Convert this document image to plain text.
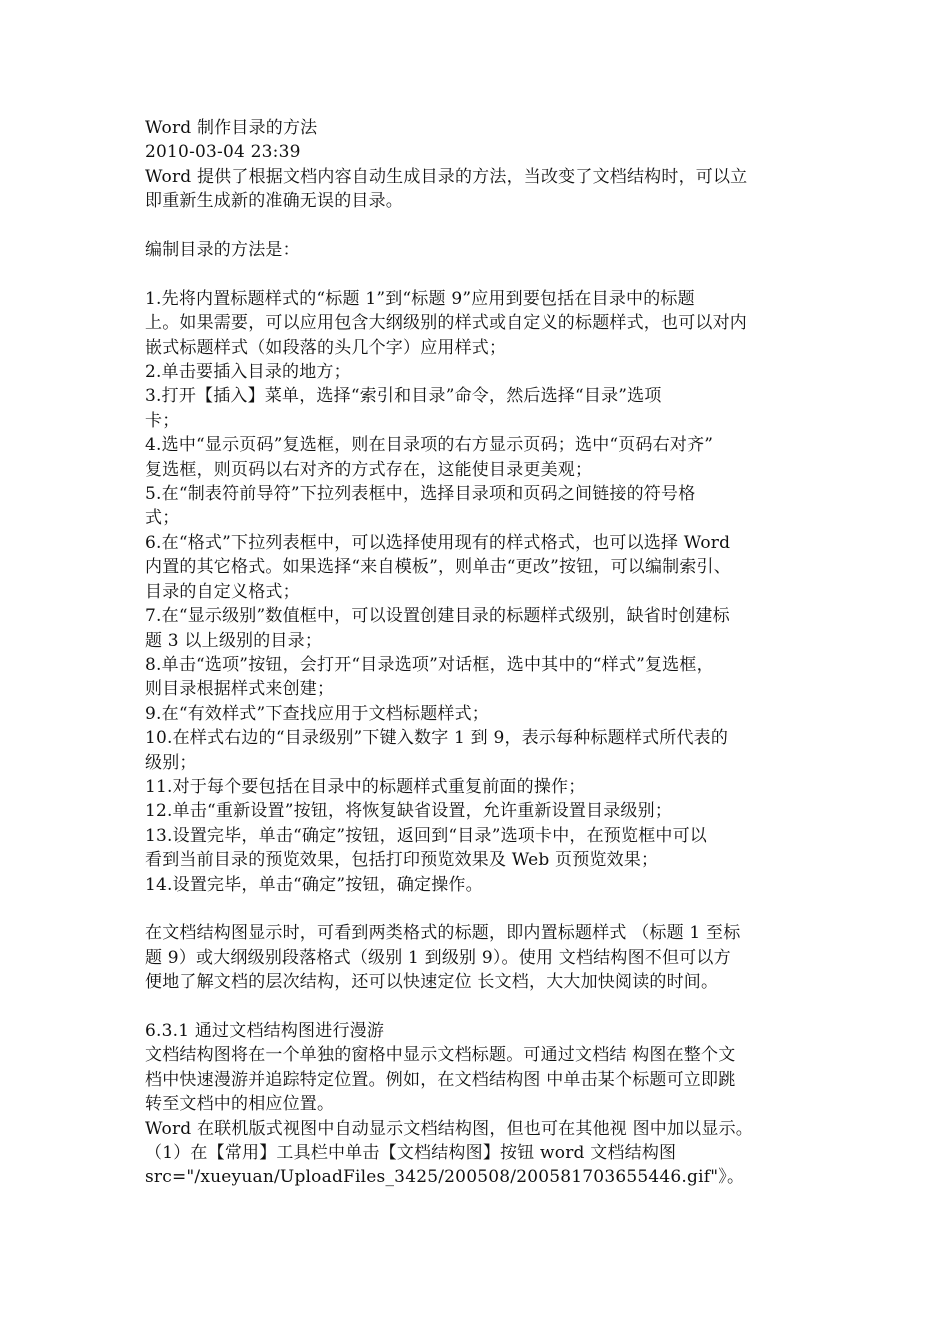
Word 制作目录的方法
2010-03-04 23:39
Word 提供了根据文档内容自动生成目录的方法，当改变了文档结构时，可以立
即重新生成新的准确无误的目录。
编制目录的方法是：
1.先将内置标题样式的“标题 1”到“标题 9”应用到要包括在目录中的标题
上。如果需要，可以应用包含大纲级别的样式或自定义的标题样式，也可以对内
嵌式标题样式（如段落的头几个字）应用样式；
2.单击要插入目录的地方；
3.打开【插入】菜单，选择“索引和目录”命令，然后选择“目录”选项
卡；
4.选中“显示页码”复选框，则在目录项的右方显示页码；选中“页码右对齐”
复选框，则页码以右对齐的方式存在，这能使目录更美观；
5.在“制表符前导符”下拉列表框中，选择目录项和页码之间链接的符号格
式；
6.在“格式”下拉列表框中，可以选择使用现有的样式格式，也可以选择 Word
内置的其它格式。如果选择“来自模板”，则单击“更改”按钮，可以编制索引、
目录的自定义格式；
7.在“显示级别”数值框中，可以设置创建目录的标题样式级别，缺省时创建标
题 3 以上级别的目录；
8.单击“选项”按钮，会打开“目录选项”对话框，选中其中的“样式”复选框，
则目录根据样式来创建；
9.在“有效样式”下查找应用于文档标题样式；
10.在样式右边的“目录级别”下键入数字 1 到 9，表示每种标题样式所代表的
级别；
11.对于每个要包括在目录中的标题样式重复前面的操作；
12.单击“重新设置”按钮，将恢复缺省设置，允许重新设置目录级别；
13.设置完毕，单击“确定”按钮，返回到“目录”选项卡中，在预览框中可以
看到当前目录的预览效果，包括打印预览效果及 Web 页预览效果；
14.设置完毕，单击“确定”按钮，确定操作。
在文档结构图显示时，可看到两类格式的标题，即内置标题样式 （标题 1 至标
题 9）或大纲级别段落格式（级别 1 到级别 9）。使用 文档结构图不但可以方
便地了解文档的层次结构，还可以快速定位 长文档，大大加快阅读的时间。
6.3.1 通过文档结构图进行漫游
文档结构图将在一个单独的窗格中显示文档标题。可通过文档结 构图在整个文
档中快速漫游并追踪特定位置。例如，在文档结构图 中单击某个标题可立即跳
转至文档中的相应位置。
Word 在联机版式视图中自动显示文档结构图，但也可在其他视 图中加以显示。
（1）在【常用】工具栏中单击【文档结构图】按钮 word 文档结构图
src="/xueyuan/UploadFiles_3425/200508/200581703655446.gif"》。
